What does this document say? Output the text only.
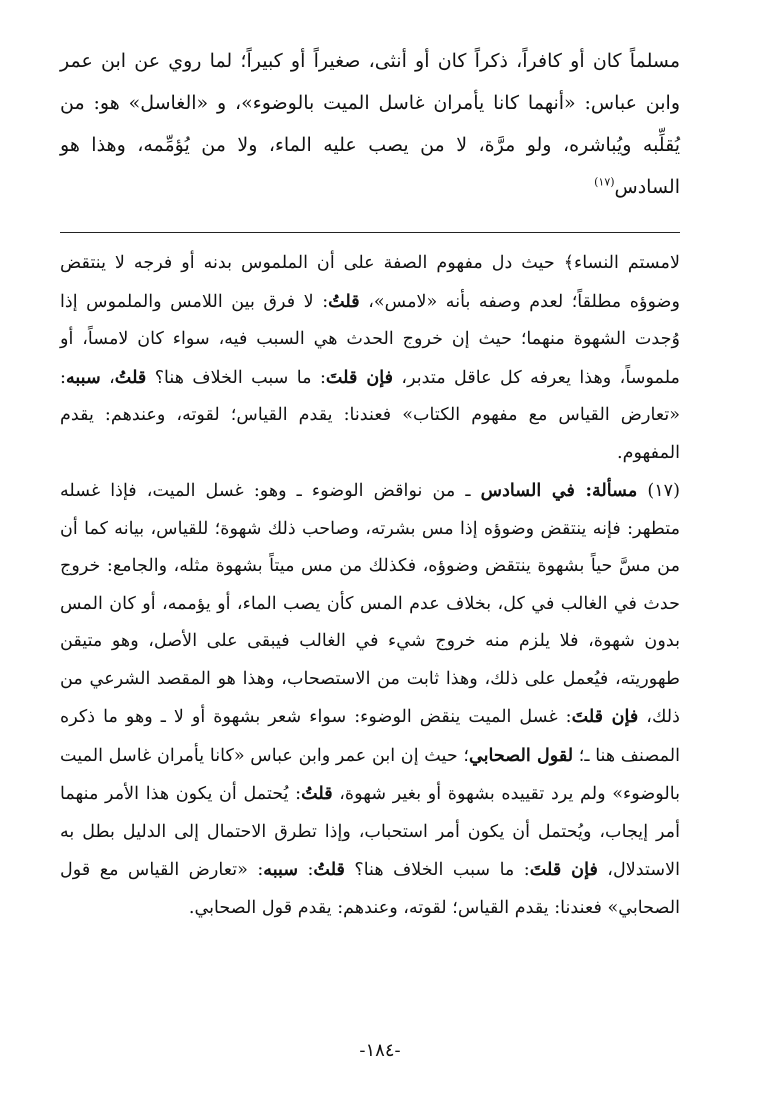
مسلماً كان أو كافراً، ذكراً كان أو أنثى، صغيراً أو كبيراً؛ لما روي عن ابن عمر وابن عباس: «أنهما كانا يأمران غاسل الميت بالوضوء»، و «الغاسل» هو: من يُقلِّبه ويُباشره، ولو مرَّة، لا من يصب عليه الماء، ولا من يُؤمِّمه، وهذا هو السادس$^{(١٧)}$

لامستم النساء﴾ حيث دل مفهوم الصفة على أن الملموس بدنه أو فرجه لا ينتقض وضوؤه مطلقاً؛ لعدم وصفه بأنه «لامس»، قلتُ: لا فرق بين اللامس والملموس إذا وُجدت الشهوة منهما؛ حيث إن خروج الحدث هي السبب فيه، سواء كان لامساً، أو ملموساً، وهذا يعرفه كل عاقل متدبر، فإن قلتَ: ما سبب الخلاف هنا؟ قلتُ، سببه: «تعارض القياس مع مفهوم الكتاب» فعندنا: يقدم القياس؛ لقوته، وعندهم: يقدم المفهوم.

(١٧) مسألة: في السادس ـ من نواقض الوضوء ـ وهو: غسل الميت، فإذا غسله متطهر: فإنه ينتقض وضوؤه إذا مس بشرته، وصاحب ذلك شهوة؛ للقياس، بيانه كما أن من مسَّ حياً بشهوة ينتقض وضوؤه، فكذلك من مس ميتاً بشهوة مثله، والجامع: خروج حدث في الغالب في كل، بخلاف عدم المس كأن يصب الماء، أو يؤممه، أو كان المس بدون شهوة، فلا يلزم منه خروج شيء في الغالب فيبقى على الأصل، وهو متيقن طهوريته، فيُعمل على ذلك، وهذا ثابت من الاستصحاب، وهذا هو المقصد الشرعي من ذلك، فإن قلتَ: غسل الميت ينقض الوضوء: سواء شعر بشهوة أو لا ـ وهو ما ذكره المصنف هنا ـ؛ لقول الصحابي؛ حيث إن ابن عمر وابن عباس «كانا يأمران غاسل الميت بالوضوء» ولم يرد تقييده بشهوة أو بغير شهوة، قلتُ: يُحتمل أن يكون هذا الأمر منهما أمر إيجاب، ويُحتمل أن يكون أمر استحباب، وإذا تطرق الاحتمال إلى الدليل بطل به الاستدلال، فإن قلتَ: ما سبب الخلاف هنا؟ قلتُ: سببه: «تعارض القياس مع قول الصحابي» فعندنا: يقدم القياس؛ لقوته، وعندهم: يقدم قول الصحابي.

-١٨٤-
